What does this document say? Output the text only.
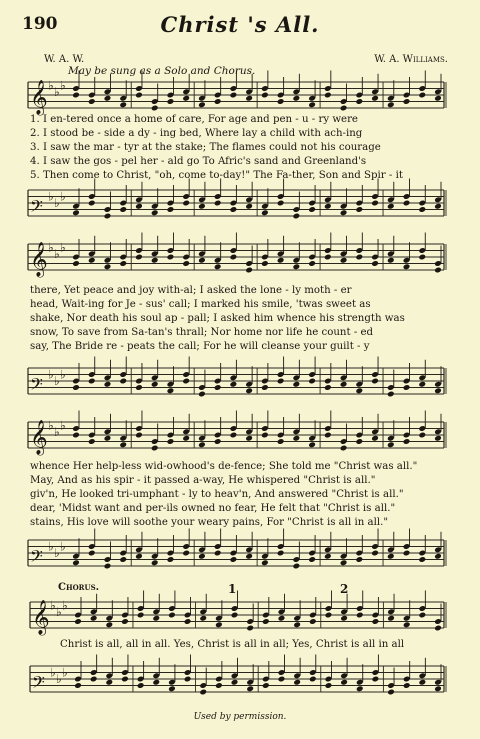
190	Christ 's All.
W. A. W.	W. A. Williams.
May be sung as a Solo and Chorus.
𝄞 ♭ ♭ ♭
1. I en-tered once a home of care, For age and pen - u - ry were
2. I stood be - side a dy - ing bed, Where lay a child with ach-ing
3. I saw the mar - tyr at the stake; The flames could not his courage
4. I saw the gos - pel her - ald go To Afric's sand and Greenland's
5. Then come to Christ, "oh, come to-day!" The Fa-ther, Son and Spir - it
𝄢 ♭ ♭ ♭
𝄞 ♭ ♭ ♭
there, Yet peace and joy with-al; I asked the lone - ly moth - er
head, Wait-ing for Je - sus' call; I marked his smile, 'twas sweet as
shake, Nor death his soul ap - pall; I asked him whence his strength was
snow, To save from Sa-tan's thrall; Nor home nor life he count - ed
say, The Bride re - peats the call; For he will cleanse your guilt - y
𝄢 ♭ ♭ ♭
𝄞 ♭ ♭ ♭
whence Her help-less wid-owhood's de-fence; She told me "Christ was all."
May, And as his spir - it passed a-way, He whispered "Christ is all."
giv'n, He looked tri-umphant - ly to heav'n, And answered "Christ is all."
dear, 'Midst want and per-ils owned no fear, He felt that "Christ is all."
stains, His love will soothe your weary pains, For "Christ is all in all."
𝄢 ♭ ♭ ♭
Chorus.
𝄞 ♭ ♭ ♭
1	2
Christ is all, all in all. Yes, Christ is all in all; Yes, Christ is all in all
𝄢 ♭ ♭ ♭
Used by permission.
